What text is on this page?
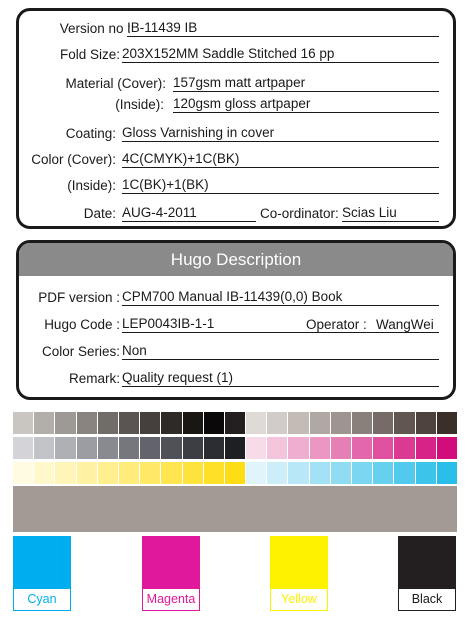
Version no :
IB-11439 IB
Fold Size: 203X152MM Saddle Stitched 16 pp
Material (Cover): 157gsm matt artpaper
(Inside): 120gsm gloss artpaper
Coating: Gloss Varnishing in cover
Color (Cover): 4C(CMYK)+1C(BK)
(Inside): 1C(BK)+1(BK)
Date: AUG-4-2011	Co-ordinator: Scias Liu
Hugo Description
PDF version : CPM700 Manual IB-11439(0,0) Book
Hugo Code : LEP0043IB-1-1	Operator : WangWei
Color Series: Non
Remark: Quality request (1)
Cyan	Magenta	Yellow	Black
